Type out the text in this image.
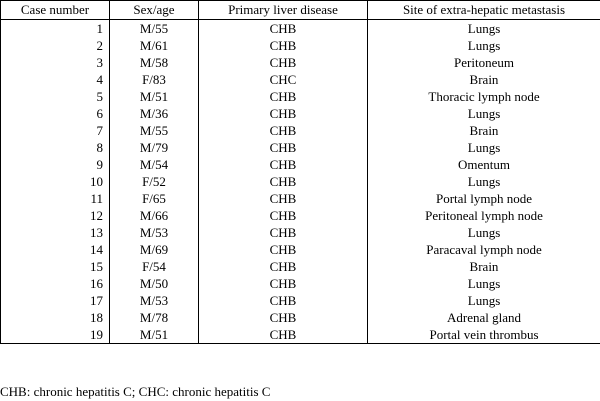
Case number	Sex/age	Primary liver disease	Site of extra-hepatic metastasis
1	M/55	CHB	Lungs
2	M/61	CHB	Lungs
3	M/58	CHB	Peritoneum
4	F/83	CHC	Brain
5	M/51	CHB	Thoracic lymph node
6	M/36	CHB	Lungs
7	M/55	CHB	Brain
8	M/79	CHB	Lungs
9	M/54	CHB	Omentum
10	F/52	CHB	Lungs
11	F/65	CHB	Portal lymph node
12	M/66	CHB	Peritoneal lymph node
13	M/53	CHB	Lungs
14	M/69	CHB	Paracaval lymph node
15	F/54	CHB	Brain
16	M/50	CHB	Lungs
17	M/53	CHB	Lungs
18	M/78	CHB	Adrenal gland
19	M/51	CHB	Portal vein thrombus
CHB: chronic hepatitis C; CHC: chronic hepatitis C
